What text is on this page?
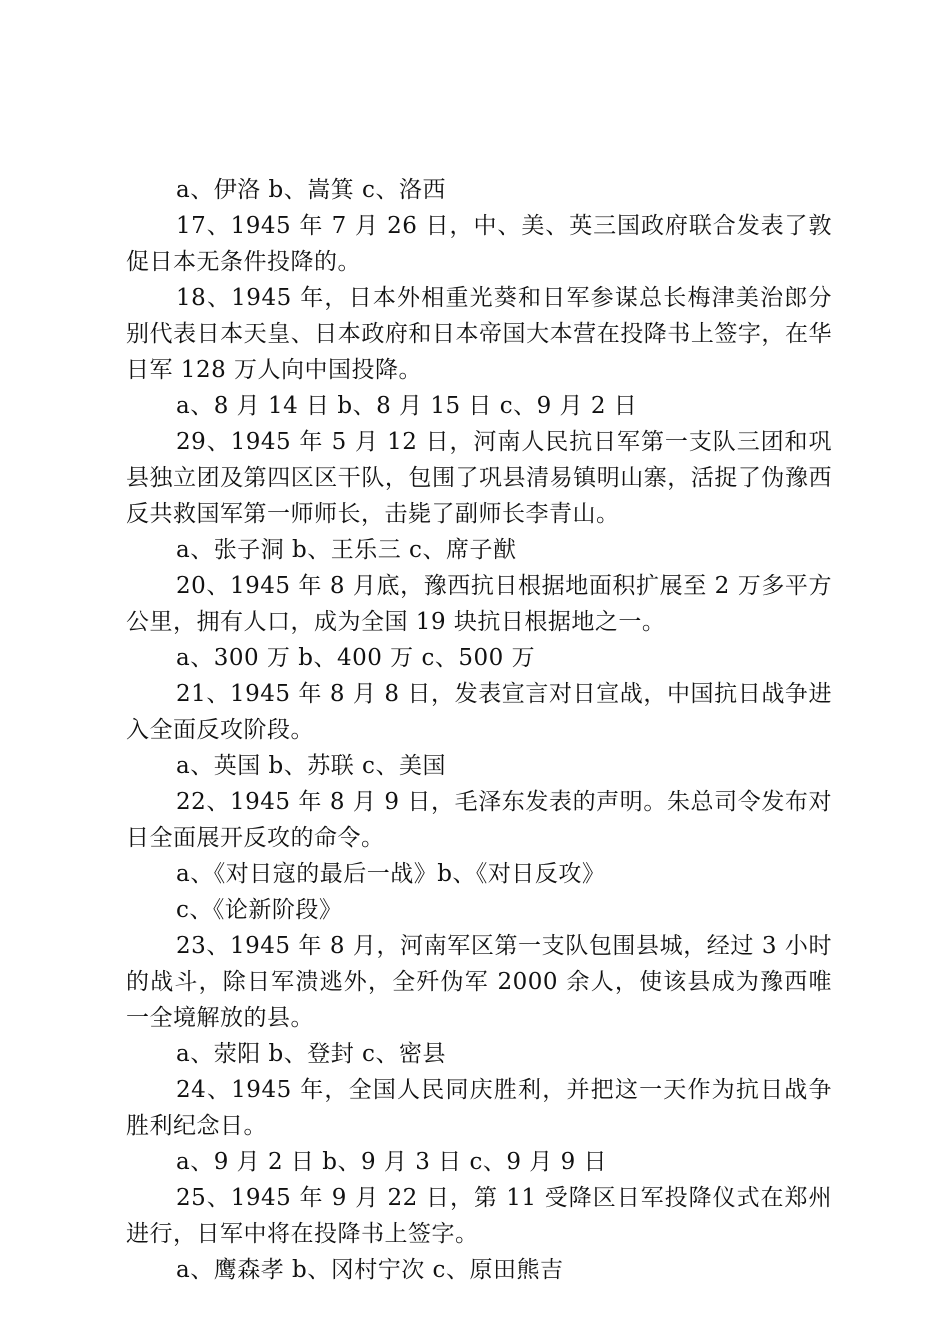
a、伊洛 b、嵩箕 c、洛西

17、1945 年 7 月 26 日，中、美、英三国政府联合发表了敦促日本无条件投降的。

18、1945 年，日本外相重光葵和日军参谋总长梅津美治郎分别代表日本天皇、日本政府和日本帝国大本营在投降书上签字，在华日军 128 万人向中国投降。

a、8 月 14 日 b、8 月 15 日 c、9 月 2 日

29、1945 年 5 月 12 日，河南人民抗日军第一支队三团和巩县独立团及第四区区干队，包围了巩县清易镇明山寨，活捉了伪豫西反共救国军第一师师长，击毙了副师长李青山。

a、张子洞 b、王乐三 c、席子猷

20、1945 年 8 月底，豫西抗日根据地面积扩展至 2 万多平方公里，拥有人口，成为全国 19 块抗日根据地之一。

a、300 万 b、400 万 c、500 万

21、1945 年 8 月 8 日，发表宣言对日宣战，中国抗日战争进入全面反攻阶段。

a、英国 b、苏联 c、美国

22、1945 年 8 月 9 日，毛泽东发表的声明。朱总司令发布对日全面展开反攻的命令。

a、《对日寇的最后一战》b、《对日反攻》

c、《论新阶段》

23、1945 年 8 月，河南军区第一支队包围县城，经过 3 小时的战斗，除日军溃逃外，全歼伪军 2000 余人，使该县成为豫西唯一全境解放的县。

a、荥阳 b、登封 c、密县

24、1945 年，全国人民同庆胜利，并把这一天作为抗日战争胜利纪念日。

a、9 月 2 日 b、9 月 3 日 c、9 月 9 日

25、1945 年 9 月 22 日，第 11 受降区日军投降仪式在郑州进行，日军中将在投降书上签字。

a、鹰森孝 b、冈村宁次 c、原田熊吉
